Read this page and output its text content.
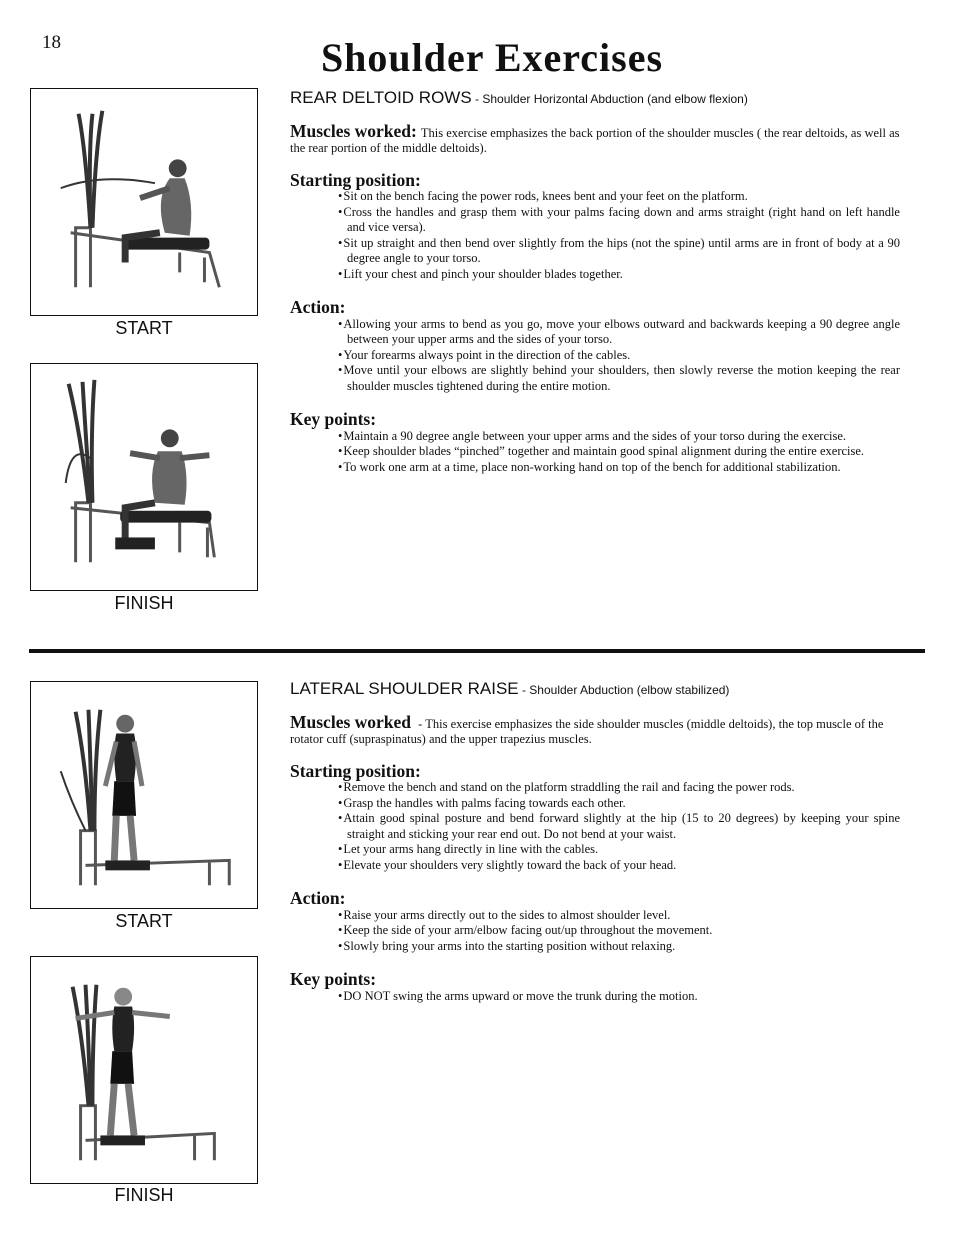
18	Shoulder Exercises
START
FINISH
REAR DELTOID ROWS - Shoulder Horizontal Abduction (and elbow flexion)
Muscles worked: This exercise emphasizes the back portion of the shoulder muscles ( the rear deltoids, as well as the rear portion of the middle deltoids).
Starting position:
• Sit on the bench facing the power rods, knees bent and your feet on the platform.
• Cross the handles and grasp them with your palms facing down and arms straight (right hand on left handle and vice versa).
• Sit up straight and then bend over slightly from the hips (not the spine) until arms are in front of body at a 90 degree angle to your torso.
• Lift your chest and pinch your shoulder blades together.
Action:
• Allowing your arms to bend as you go, move your elbows outward and backwards keeping a 90 degree angle between your upper arms and the sides of your torso.
• Your forearms always point in the direction of the cables.
• Move until your elbows are slightly behind your shoulders, then slowly reverse the motion keeping the rear shoulder muscles tightened during the entire motion.
Key points:
• Maintain a 90 degree angle between your upper arms and the sides of your torso during the exercise.
• Keep shoulder blades “pinched” together and maintain good spinal alignment during the entire exercise.
• To work one arm at a time, place non-working hand on top of the bench for additional stabilization.
START
FINISH
LATERAL SHOULDER RAISE - Shoulder Abduction (elbow stabilized)
Muscles worked - This exercise emphasizes the side shoulder muscles (middle deltoids), the top muscle of the rotator cuff (supraspinatus) and the upper trapezius muscles.
Starting position:
• Remove the bench and stand on the platform straddling the rail and facing the power rods.
• Grasp the handles with palms facing towards each other.
• Attain good spinal posture and bend forward slightly at the hip (15 to 20 degrees) by keeping your spine straight and sticking your rear end out. Do not bend at your waist.
• Let your arms hang directly in line with the cables.
• Elevate your shoulders very slightly toward the back of your head.
Action:
• Raise your arms directly out to the sides to almost shoulder level.
• Keep the side of your arm/elbow facing out/up throughout the movement.
• Slowly bring your arms into the starting position without relaxing.
Key points:
• DO NOT swing the arms upward or move the trunk during the motion.
